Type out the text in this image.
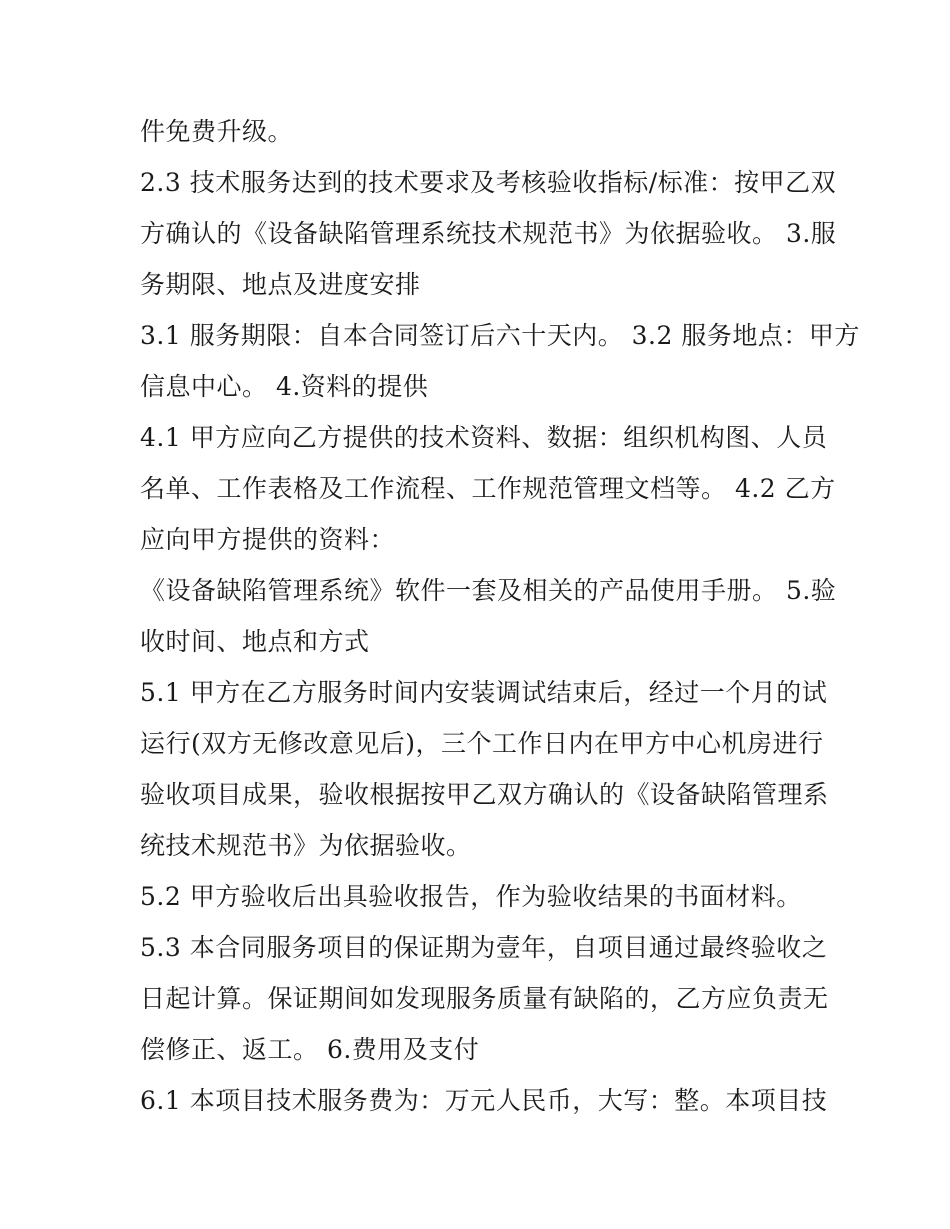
件免费升级。
2.3 技术服务达到的技术要求及考核验收指标/标准：按甲乙双
方确认的《设备缺陷管理系统技术规范书》为依据验收。 3.服
务期限、地点及进度安排
3.1 服务期限：自本合同签订后六十天内。 3.2 服务地点：甲方
信息中心。 4.资料的提供
4.1 甲方应向乙方提供的技术资料、数据：组织机构图、人员
名单、工作表格及工作流程、工作规范管理文档等。 4.2 乙方
应向甲方提供的资料：
《设备缺陷管理系统》软件一套及相关的产品使用手册。 5.验
收时间、地点和方式
5.1 甲方在乙方服务时间内安装调试结束后，经过一个月的试
运行(双方无修改意见后)，三个工作日内在甲方中心机房进行
验收项目成果，验收根据按甲乙双方确认的《设备缺陷管理系
统技术规范书》为依据验收。
5.2 甲方验收后出具验收报告，作为验收结果的书面材料。
5.3 本合同服务项目的保证期为壹年，自项目通过最终验收之
日起计算。保证期间如发现服务质量有缺陷的，乙方应负责无
偿修正、返工。 6.费用及支付
6.1 本项目技术服务费为：万元人民币，大写：整。本项目技
